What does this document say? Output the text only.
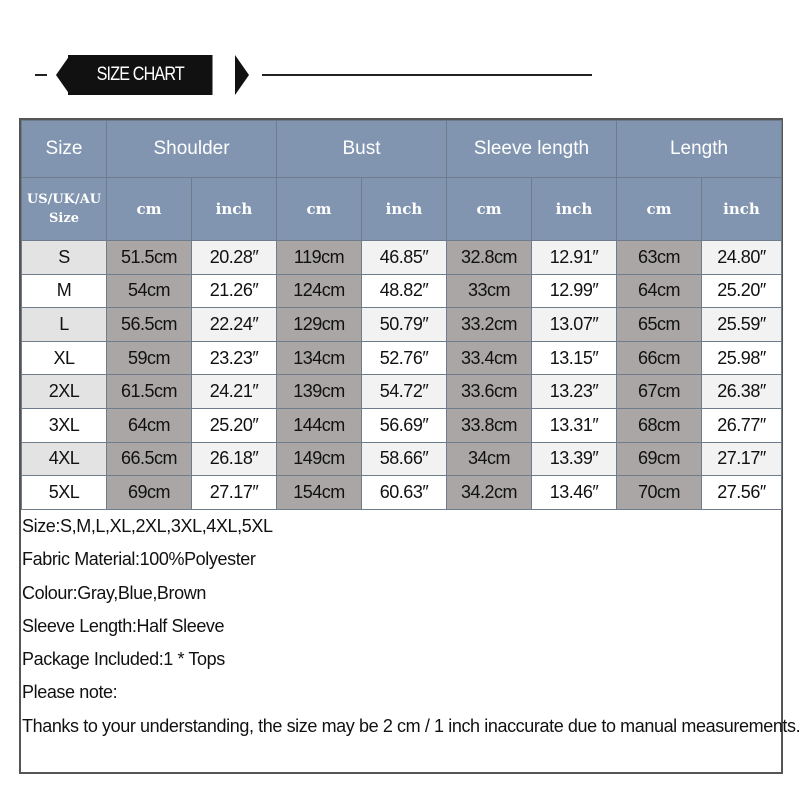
SIZE CHART
Size	Shoulder		Bust		Sleeve length		Length	

US/UK/AU
Size	cm	inch	cm	inch	cm	inch	cm	inch
S	51.5cm	20.28″	119cm	46.85″	32.8cm	12.91″	63cm	24.80″
M	54cm	21.26″	124cm	48.82″	33cm	12.99″	64cm	25.20″
L	56.5cm	22.24″	129cm	50.79″	33.2cm	13.07″	65cm	25.59″
XL	59cm	23.23″	134cm	52.76″	33.4cm	13.15″	66cm	25.98″
2XL	61.5cm	24.21″	139cm	54.72″	33.6cm	13.23″	67cm	26.38″
3XL	64cm	25.20″	144cm	56.69″	33.8cm	13.31″	68cm	26.77″
4XL	66.5cm	26.18″	149cm	58.66″	34cm	13.39″	69cm	27.17″
5XL	69cm	27.17″	154cm	60.63″	34.2cm	13.46″	70cm	27.56″
Size:S,M,L,XL,2XL,3XL,4XL,5XL
Fabric Material:100%Polyester
Colour:Gray,Blue,Brown
Sleeve Length:Half Sleeve
Package Included:1 * Tops
Please note:
Thanks to your understanding, the size may be 2 cm / 1 inch inaccurate due to manual measurements.
